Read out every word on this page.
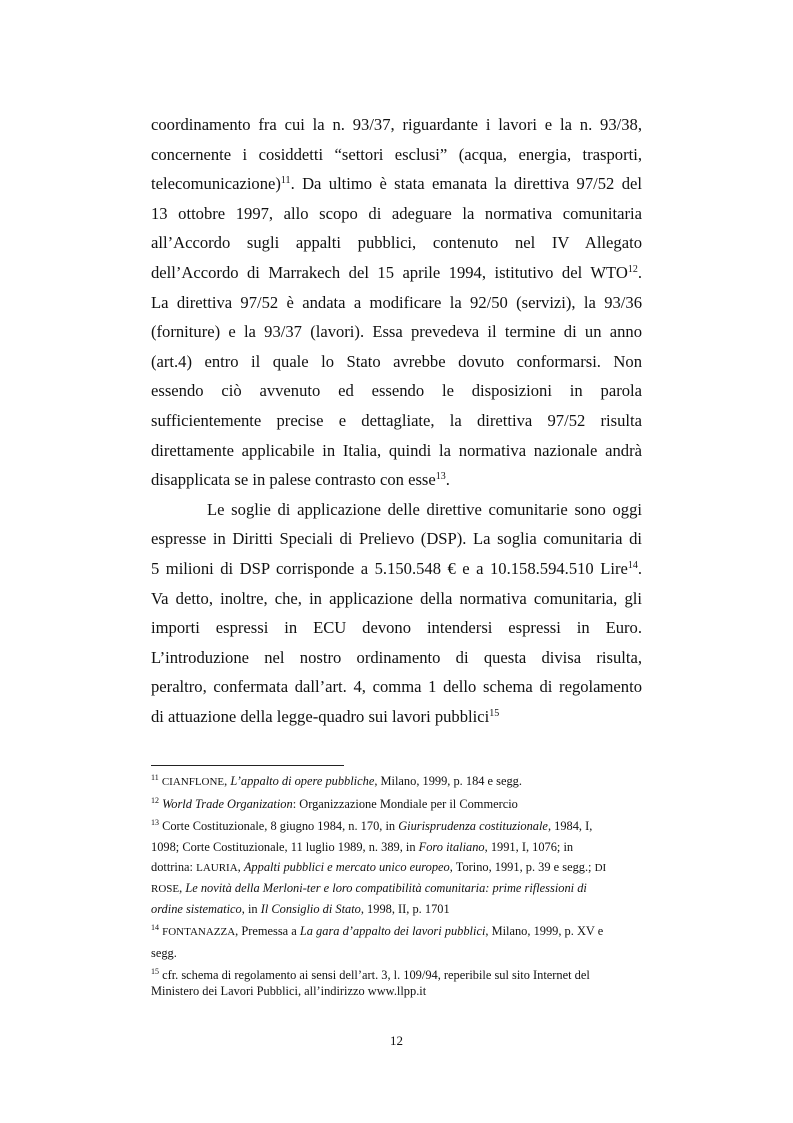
coordinamento fra cui la n. 93/37, riguardante i lavori e la n. 93/38,
concernente i cosiddetti “settori esclusi” (acqua, energia, trasporti,
telecomunicazione)$^{11}$. Da ultimo è stata emanata la direttiva 97/52 del
13 ottobre 1997, allo scopo di adeguare la normativa comunitaria
all’Accordo sugli appalti pubblici, contenuto nel IV Allegato
dell’Accordo di Marrakech del 15 aprile 1994, istitutivo del WTO$^{12}$.
La direttiva 97/52 è andata a modificare la 92/50 (servizi), la 93/36
(forniture) e la 93/37 (lavori). Essa prevedeva il termine di un anno
(art.4) entro il quale lo Stato avrebbe dovuto conformarsi. Non
essendo ciò avvenuto ed essendo le disposizioni in parola
sufficientemente precise e dettagliate, la direttiva 97/52 risulta
direttamente applicabile in Italia, quindi la normativa nazionale andrà
disapplicata se in palese contrasto con esse$^{13}$.
Le soglie di applicazione delle direttive comunitarie sono oggi
espresse in Diritti Speciali di Prelievo (DSP). La soglia comunitaria di
5 milioni di DSP corrisponde a 5.150.548 € e a 10.158.594.510 Lire$^{14}$.
Va detto, inoltre, che, in applicazione della normativa comunitaria, gli
importi espressi in ECU devono intendersi espressi in Euro.
L’introduzione nel nostro ordinamento di questa divisa risulta,
peraltro, confermata dall’art. 4, comma 1 dello schema di regolamento
di attuazione della legge-quadro sui lavori pubblici$^{15}$

$^{11}$ CIANFLONE, L’appalto di opere pubbliche, Milano, 1999, p. 184 e segg.

$^{12}$ World Trade Organization: Organizzazione Mondiale per il Commercio

$^{13}$ Corte Costituzionale, 8 giugno 1984, n. 170, in Giurisprudenza costituzionale, 1984, I,
1098; Corte Costituzionale, 11 luglio 1989, n. 389, in Foro italiano, 1991, I, 1076; in
dottrina: LAURIA, Appalti pubblici e mercato unico europeo, Torino, 1991, p. 39 e segg.; DI
ROSE, Le novità della Merloni-ter e loro compatibilità comunitaria: prime riflessioni di
ordine sistematico, in Il Consiglio di Stato, 1998, II, p. 1701

$^{14}$ FONTANAZZA, Premessa a La gara d’appalto dei lavori pubblici, Milano, 1999, p. XV e
segg.

$^{15}$ cfr. schema di regolamento ai sensi dell’art. 3, l. 109/94, reperibile sul sito Internet del
Ministero dei Lavori Pubblici, all’indirizzo www.llpp.it

12
